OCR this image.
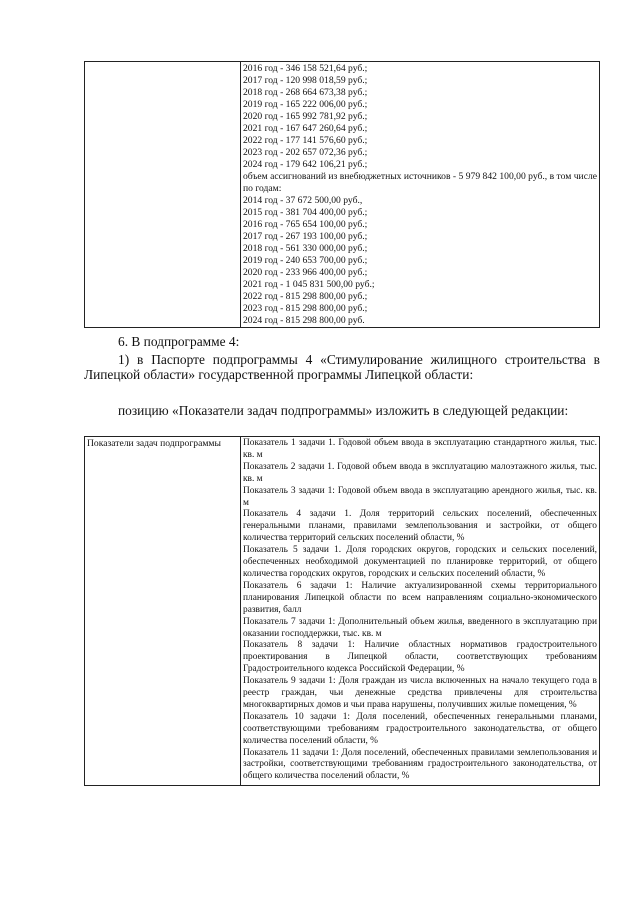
2016 год - 346 158 521,64 руб.;
2017 год - 120 998 018,59 руб.;
2018 год - 268 664 673,38 руб.;
2019 год - 165 222 006,00 руб.;
2020 год - 165 992 781,92 руб.;
2021 год - 167 647 260,64 руб.;
2022 год - 177 141 576,60 руб.;
2023 год - 202 657 072,36 руб.;
2024 год - 179 642 106,21 руб.;
объем ассигнований из внебюджетных источников - 5 979 842 100,00 руб., в том числе по годам:
2014 год - 37 672 500,00 руб.,
2015 год - 381 704 400,00 руб.;
2016 год - 765 654 100,00 руб.;
2017 год - 267 193 100,00 руб.;
2018 год - 561 330 000,00 руб.;
2019 год - 240 653 700,00 руб.;
2020 год - 233 966 400,00 руб.;
2021 год - 1 045 831 500,00 руб.;
2022 год - 815 298 800,00 руб.;
2023 год - 815 298 800,00 руб.;
2024 год - 815 298 800,00 руб.

6. В подпрограмме 4:

1) в Паспорте подпрограммы 4 «Стимулирование жилищного строительства в Липецкой области» государственной программы Липецкой области:

позицию «Показатели задач подпрограммы» изложить в следующей редакции:

Показатели задач подпрограммы	Показатель 1 задачи 1. Годовой объем ввода в эксплуатацию стандартного жилья, тыс. кв. м
Показатель 2 задачи 1. Годовой объем ввода в эксплуатацию малоэтажного жилья, тыс. кв. м
Показатель 3 задачи 1: Годовой объем ввода в эксплуатацию арендного жилья, тыс. кв. м
Показатель 4 задачи 1. Доля территорий сельских поселений, обеспеченных генеральными планами, правилами землепользования и застройки, от общего количества территорий сельских поселений области, %
Показатель 5 задачи 1. Доля городских округов, городских и сельских поселений, обеспеченных необходимой документацией по планировке территорий, от общего количества городских округов, городских и сельских поселений области, %
Показатель 6 задачи 1: Наличие актуализированной схемы территориального планирования Липецкой области по всем направлениям социально-экономического развития, балл
Показатель 7 задачи 1: Дополнительный объем жилья, введенного в эксплуатацию при оказании господдержки, тыс. кв. м
Показатель 8 задачи 1: Наличие областных нормативов градостроительного проектирования в Липецкой области, соответствующих требованиям Градостроительного кодекса Российской Федерации, %
Показатель 9 задачи 1: Доля граждан из числа включенных на начало текущего года в реестр граждан, чьи денежные средства привлечены для строительства многоквартирных домов и чьи права нарушены, получивших жилые помещения, %
Показатель 10 задачи 1: Доля поселений, обеспеченных генеральными планами, соответствующими требованиям градостроительного законодательства, от общего количества поселений области, %
Показатель 11 задачи 1: Доля поселений, обеспеченных правилами землепользования и застройки, соответствующими требованиям градостроительного законодательства, от общего количества поселений области, %
